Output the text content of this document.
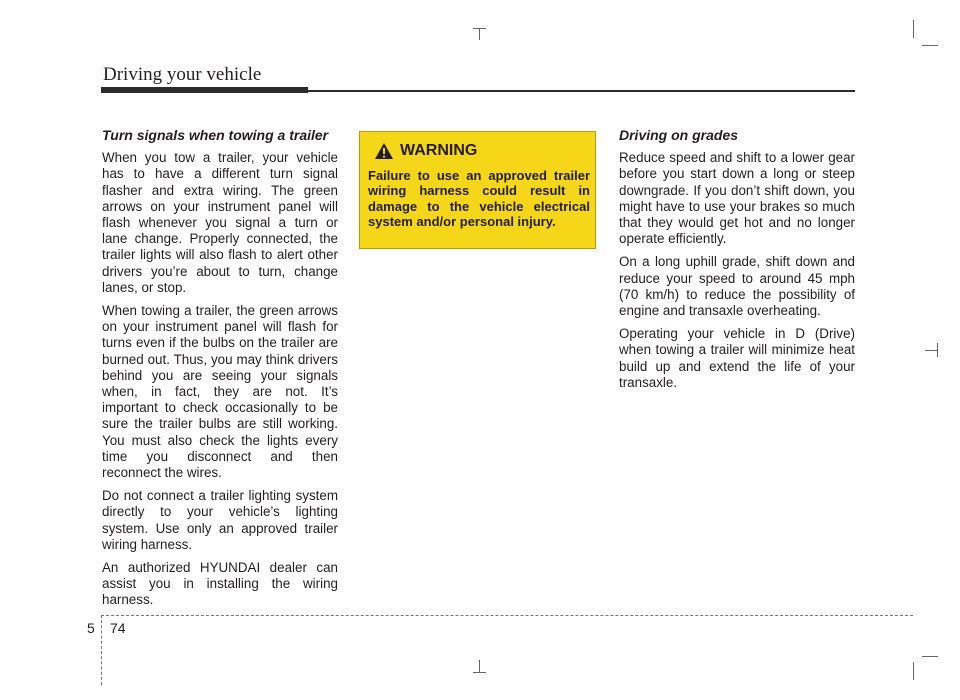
Driving your vehicle
Turn signals when towing a trailer

When you tow a trailer, your vehicle has to have a different turn signal flasher and extra wiring. The green arrows on your instrument panel will flash whenever you signal a turn or lane change. Properly connected, the trailer lights will also flash to alert other drivers you’re about to turn, change lanes, or stop.

When towing a trailer, the green arrows on your instrument panel will flash for turns even if the bulbs on the trailer are burned out. Thus, you may think drivers behind you are seeing your signals when, in fact, they are not. It’s important to check occasionally to be sure the trailer bulbs are still working. You must also check the lights every time you disconnect and then reconnect the wires.

Do not connect a trailer lighting system directly to your vehicle’s lighting system. Use only an approved trailer wiring harness.

An authorized HYUNDAI dealer can assist you in installing the wiring harness.

WARNING
Failure to use an approved trailer wiring harness could result in damage to the vehicle electrical system and/or personal injury.
Driving on grades

Reduce speed and shift to a lower gear before you start down a long or steep downgrade. If you don’t shift down, you might have to use your brakes so much that they would get hot and no longer operate efficiently.

On a long uphill grade, shift down and reduce your speed to around 45 mph (70 km/h) to reduce the possibility of engine and transaxle overheating.

Operating your vehicle in D (Drive) when towing a trailer will minimize heat build up and extend the life of your transaxle.

5 74
